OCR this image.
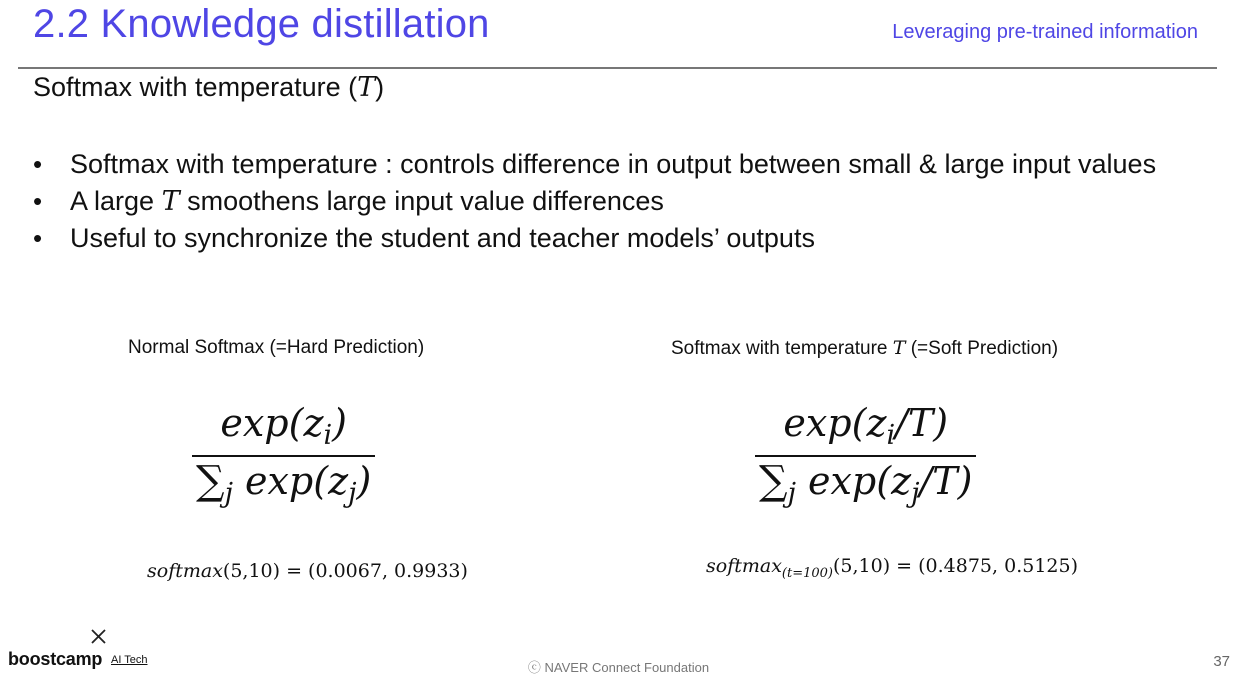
2.2 Knowledge distillation	Leveraging pre-trained information
Softmax with temperature (T)
• Softmax with temperature : controls difference in output between small & large input values
• A large T smoothens large input value differences
• Useful to synchronize the student and teacher models’ outputs
Normal Softmax (=Hard Prediction)
$\frac{\exp(z_i)}{\sum_j \exp(z_j)}$
softmax(5,10) = (0.0067, 0.9933)
Softmax with temperature T (=Soft Prediction)
$\frac{\exp(z_i/T)}{\sum_j \exp(z_j/T)}$
softmax$_{(t=100)}$(5,10) = (0.4875, 0.5125)
boostcamp AI Tech	ⓒ NAVER Connect Foundation	37
